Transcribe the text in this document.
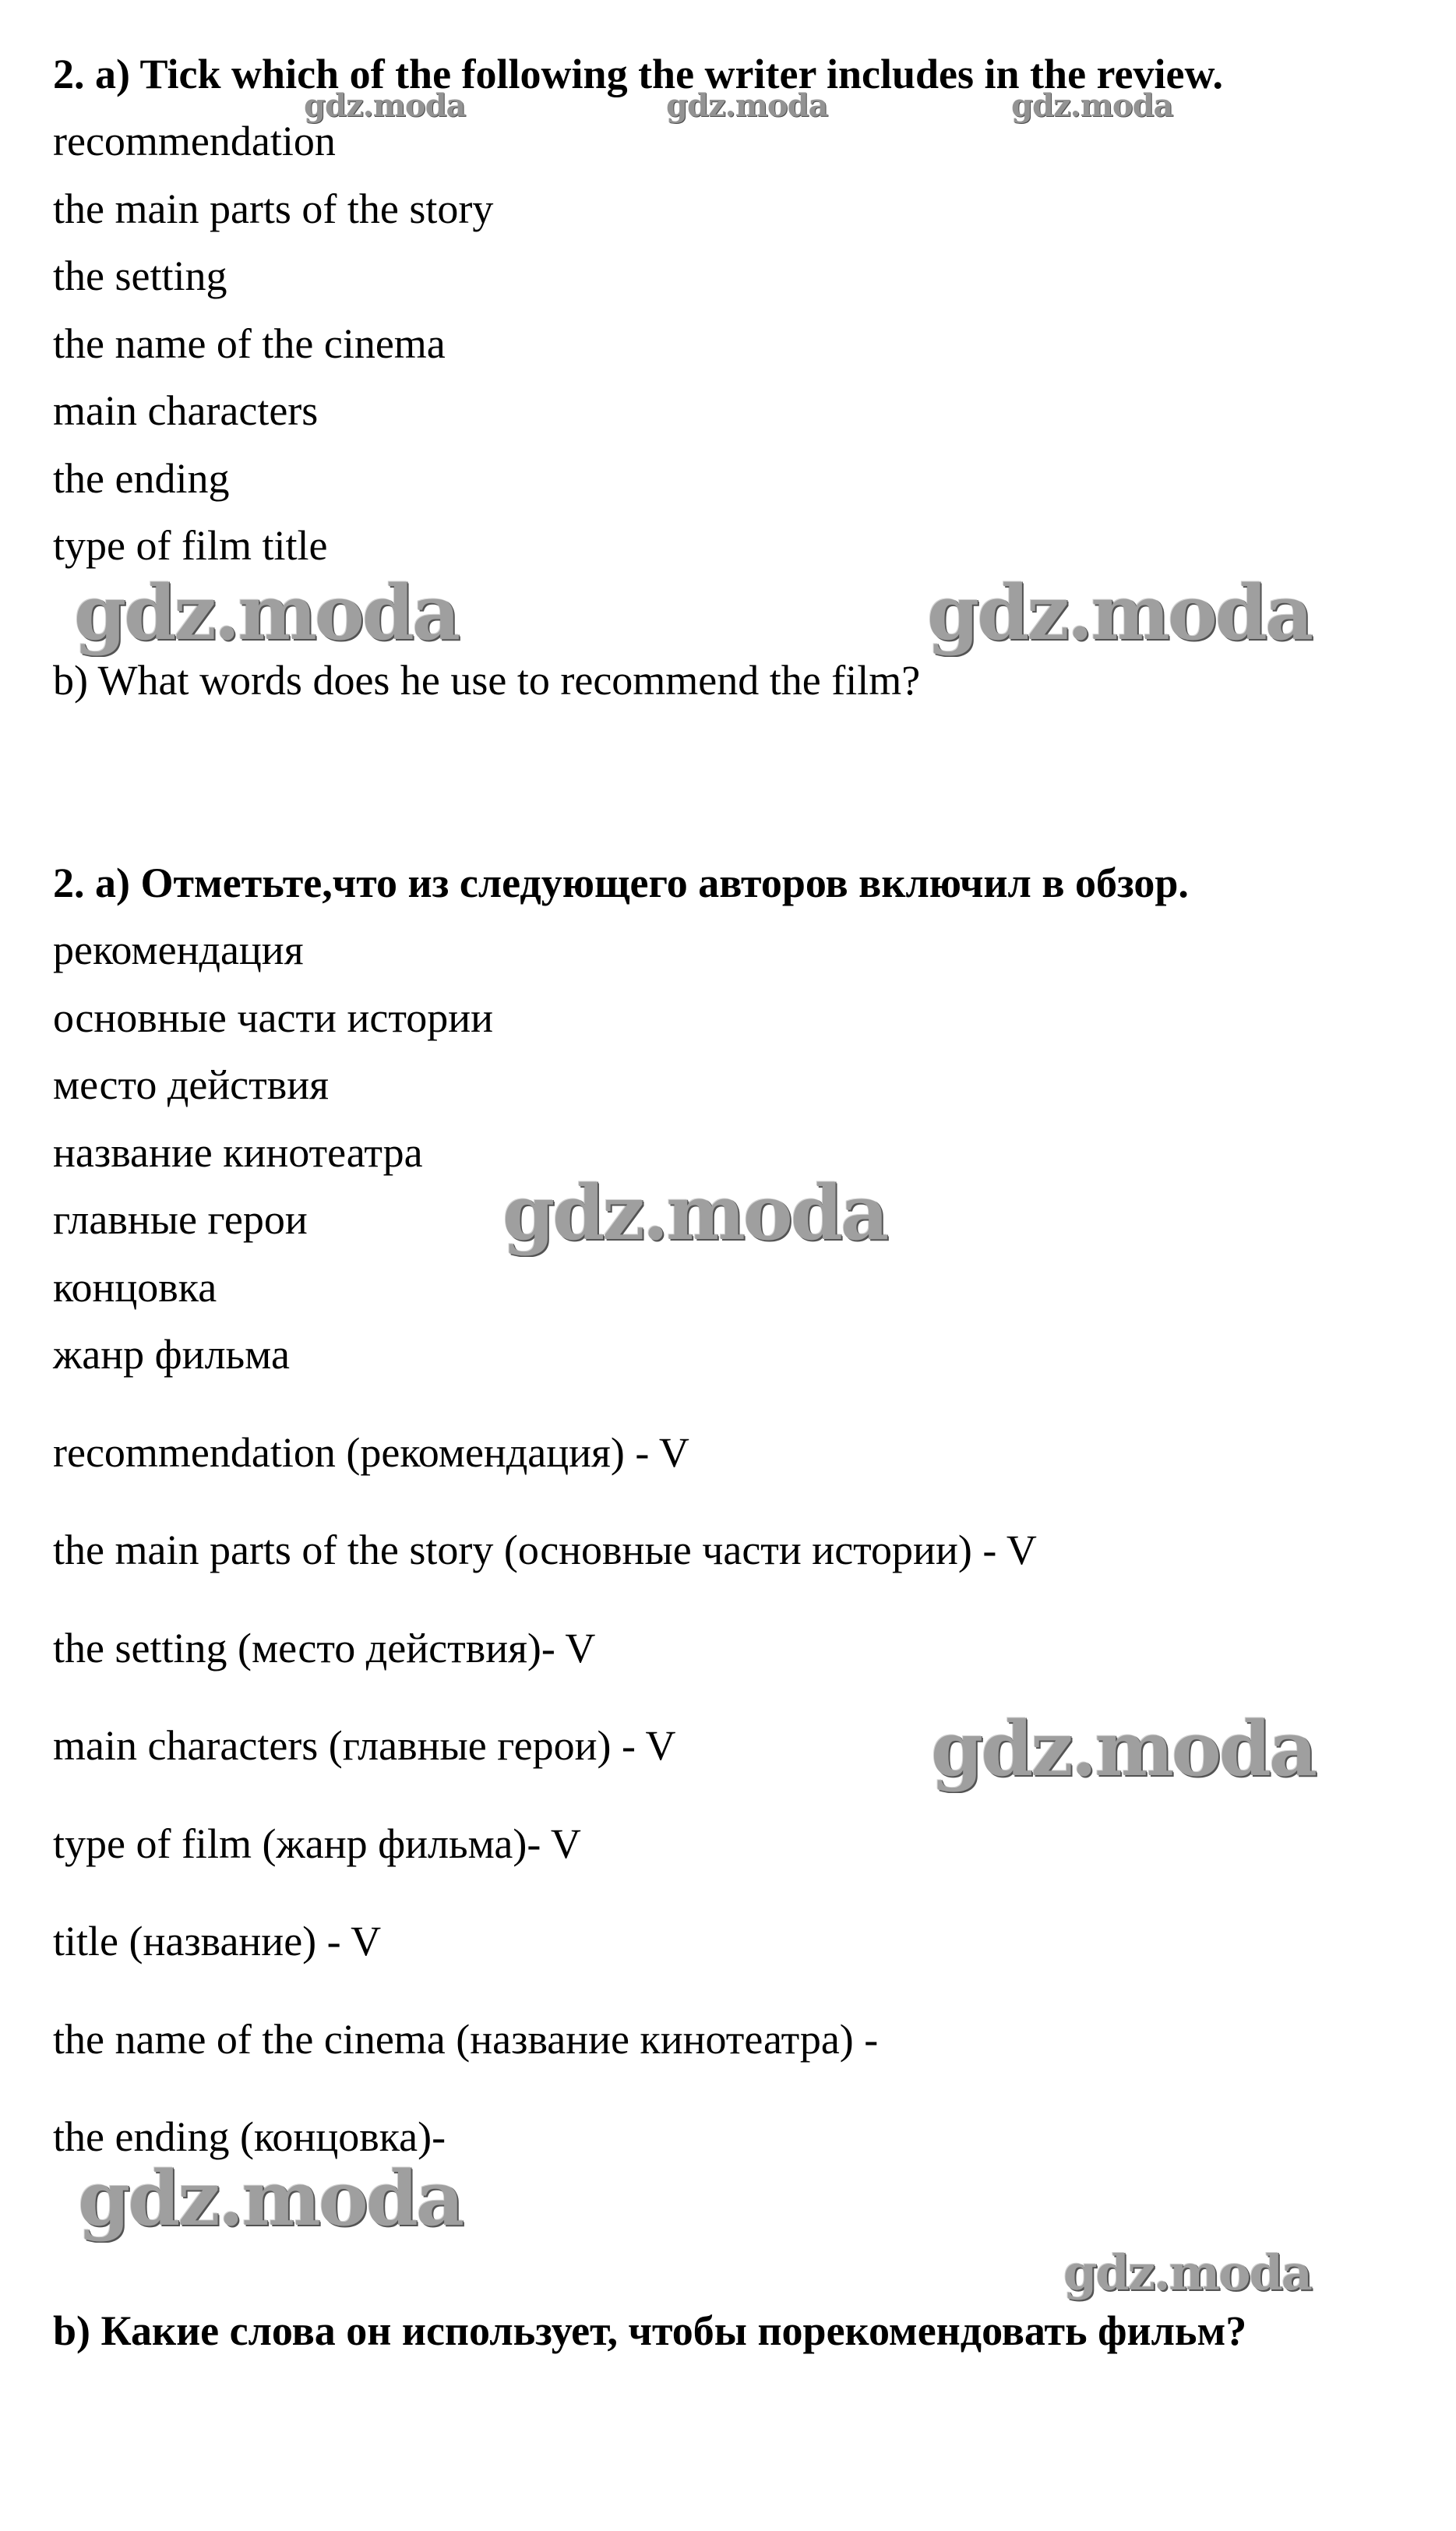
2. a) Tick which of the following the writer includes in the review.
recommendation
the main parts of the story
the setting
the name of the cinema
main characters
the ending
type of film title
b) What words does he use to recommend the film?
2. a) Отметьте,что из следующего авторов включил в обзор.
рекомендация
основные части истории
место действия
название кинотеатра
главные герои
концовка
жанр фильма
recommendation (рекомендация) - V
the main parts of the story (основные части истории) - V
the setting (место действия)- V
main characters (главные герои) - V
type of film (жанр фильма)- V
title (название) - V
the name of the cinema (название кинотеатра) -
the ending (концовка)-
b) Какие слова он использует, чтобы порекомендовать фильм?
gdz.moda	gdz.moda	gdz.moda
gdz.moda	gdz.moda
gdz.moda
gdz.moda
gdz.moda
gdz.moda
